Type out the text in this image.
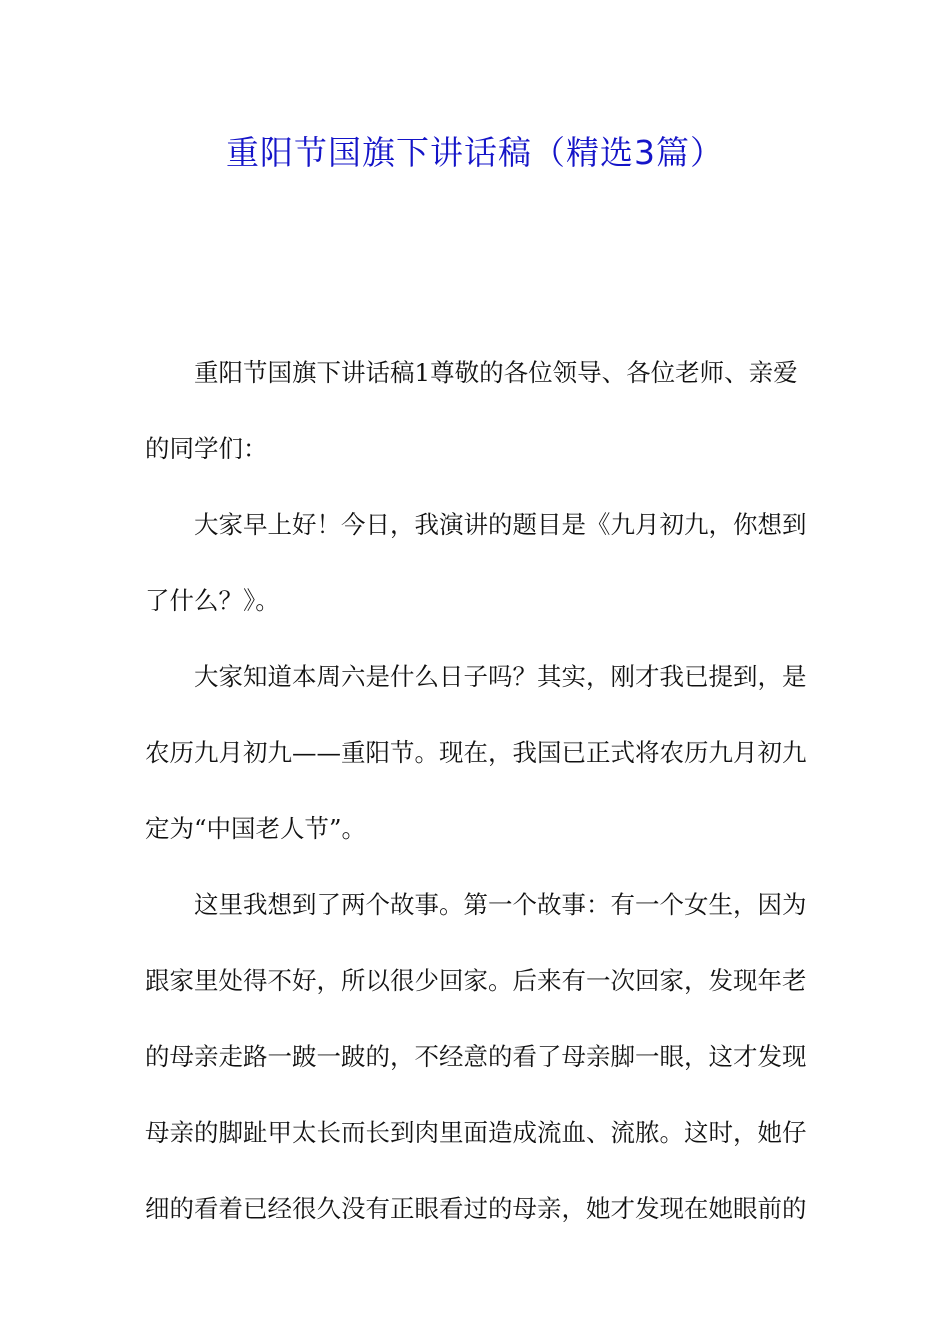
重阳节国旗下讲话稿（精选3篇）
重阳节国旗下讲话稿1尊敬的各位领导、各位老师、亲爱
的同学们：
大家早上好！今日，我演讲的题目是《九月初九，你想到
了什么？》。
大家知道本周六是什么日子吗？其实，刚才我已提到，是
农历九月初九——重阳节。现在，我国已正式将农历九月初九
定为“中国老人节”。
这里我想到了两个故事。第一个故事：有一个女生，因为
跟家里处得不好，所以很少回家。后来有一次回家，发现年老
的母亲走路一跛一跛的，不经意的看了母亲脚一眼，这才发现
母亲的脚趾甲太长而长到肉里面造成流血、流脓。这时，她仔
细的看着已经很久没有正眼看过的母亲，她才发现在她眼前的
